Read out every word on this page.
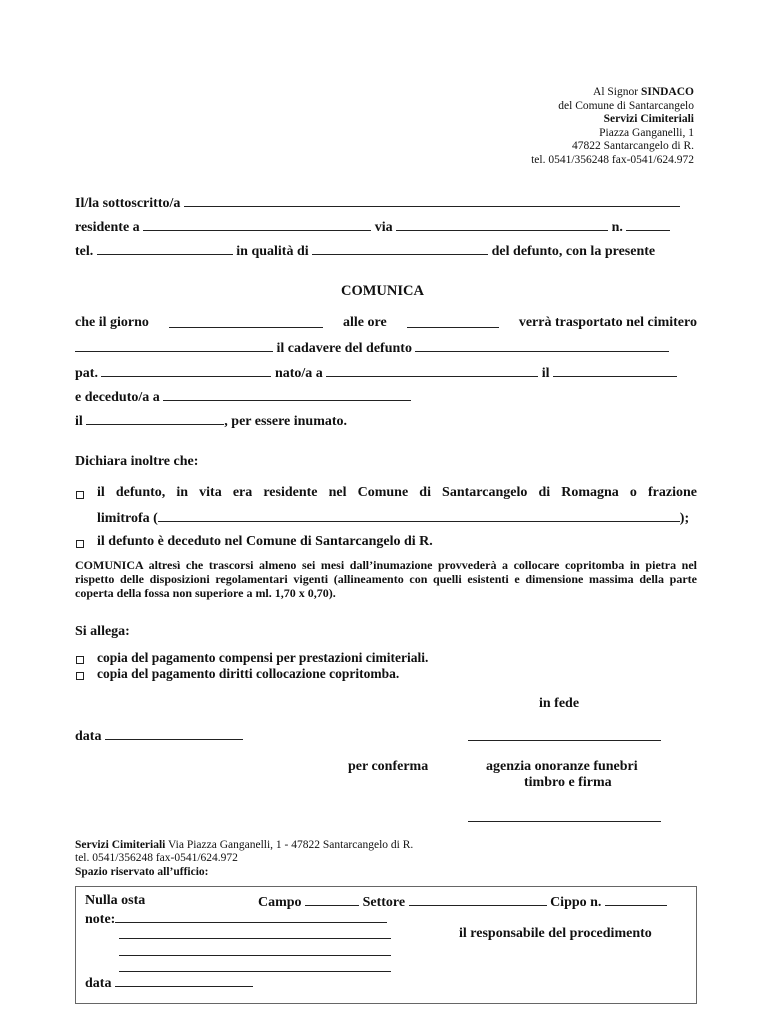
Al Signor SINDACO
del Comune di Santarcangelo
Servizi Cimiteriali
Piazza Ganganelli, 1
47822 Santarcangelo di R.
tel. 0541/356248 fax-0541/624.972
Il/la sottoscritto/a
residente a	via	n.
tel.	in qualità di	del defunto, con la presente
COMUNICA
che il giorno	alle ore	verrà trasportato nel cimitero
il cadavere del defunto
pat.	nato/a a	il
e deceduto/a a
il	, per essere inumato.
Dichiara inoltre che:
il defunto, in vita era residente nel Comune di Santarcangelo di Romagna o frazione
limitrofa (	);
il defunto è deceduto nel Comune di Santarcangelo di R.
COMUNICA altresì che trascorsi almeno sei mesi dall’inumazione provvederà a collocare copritomba in pietra nel rispetto delle disposizioni regolamentari vigenti (allineamento con quelli esistenti e dimensione massima della parte coperta della fossa non superiore a ml. 1,70 x 0,70).
Si allega:
copia del pagamento compensi per prestazioni cimiteriali.
copia del pagamento diritti collocazione copritomba.
in fede
data
per conferma	agenzia onoranze funebri
timbro e firma
Servizi Cimiteriali Via Piazza Ganganelli, 1 - 47822 Santarcangelo di R.
tel. 0541/356248 fax-0541/624.972
Spazio riservato all’ufficio:
Nulla osta	Campo	Settore	Cippo n.
note:
il responsabile del procedimento
data
